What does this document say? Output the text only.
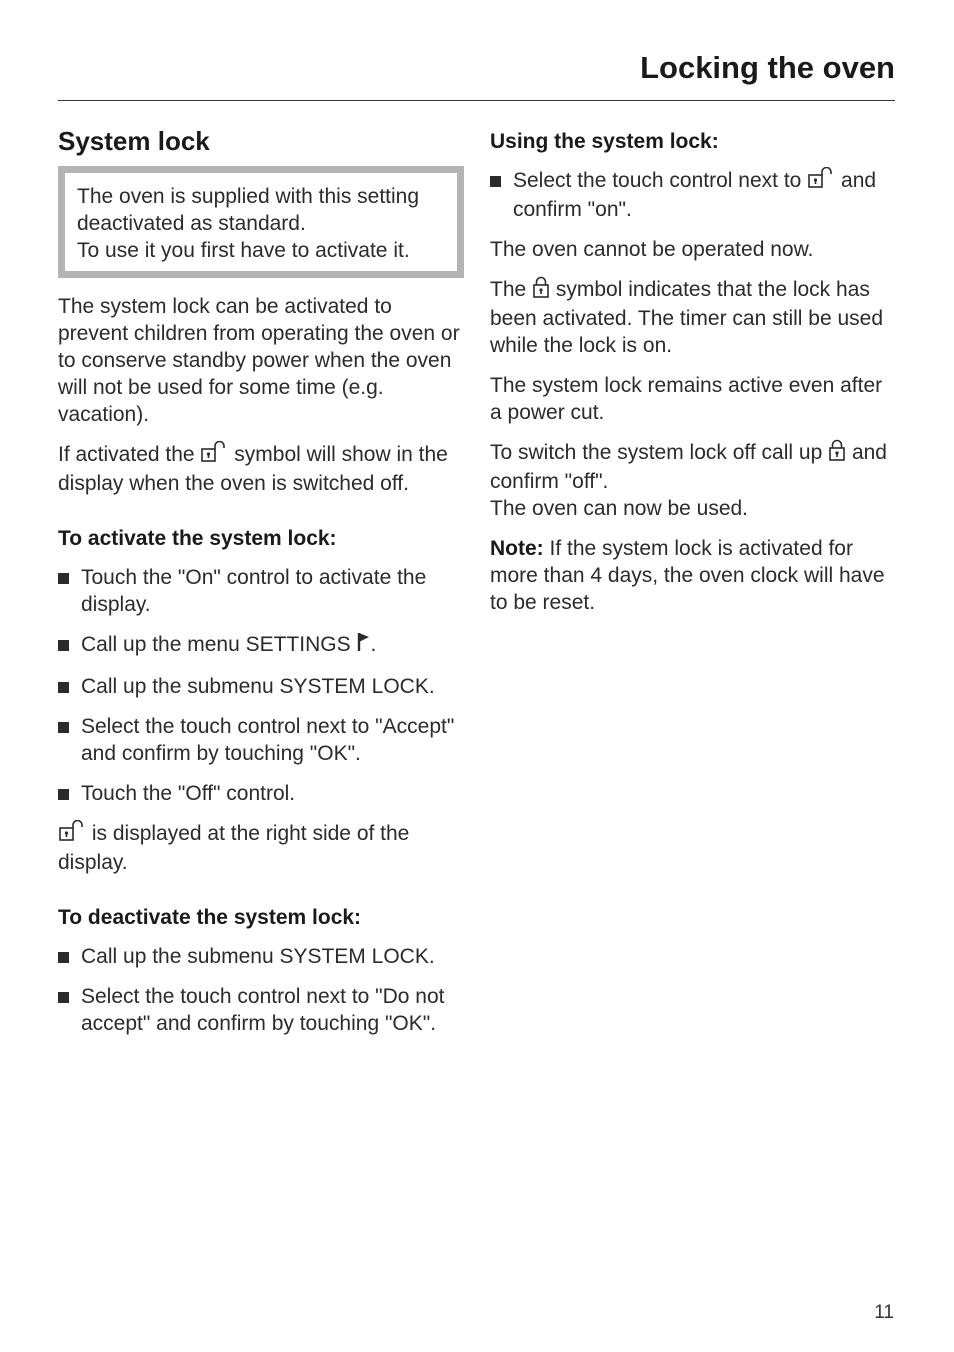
Locking the oven
System lock
The oven is supplied with this setting deactivated as standard.
To use it you first have to activate it.

The system lock can be activated to prevent children from operating the oven or to conserve standby power when the oven will not be used for some time (e.g. vacation).

If activated the symbol will show in the display when the oven is switched off.

To activate the system lock:
Touch the "On" control to activate the display.
Call up the menu SETTINGS .
Call up the submenu SYSTEM LOCK.
Select the touch control next to "Accept" and confirm by touching "OK".
Touch the "Off" control.

is displayed at the right side of the display.

To deactivate the system lock:
Call up the submenu SYSTEM LOCK.
Select the touch control next to "Do not accept" and confirm by touching "OK".
Using the system lock:
Select the touch control next to and confirm "on".

The oven cannot be operated now.

The symbol indicates that the lock has been activated. The timer can still be used while the lock is on.

The system lock remains active even after a power cut.

To switch the system lock off call up and confirm "off".
The oven can now be used.

Note: If the system lock is activated for more than 4 days, the oven clock will have to be reset.

11
